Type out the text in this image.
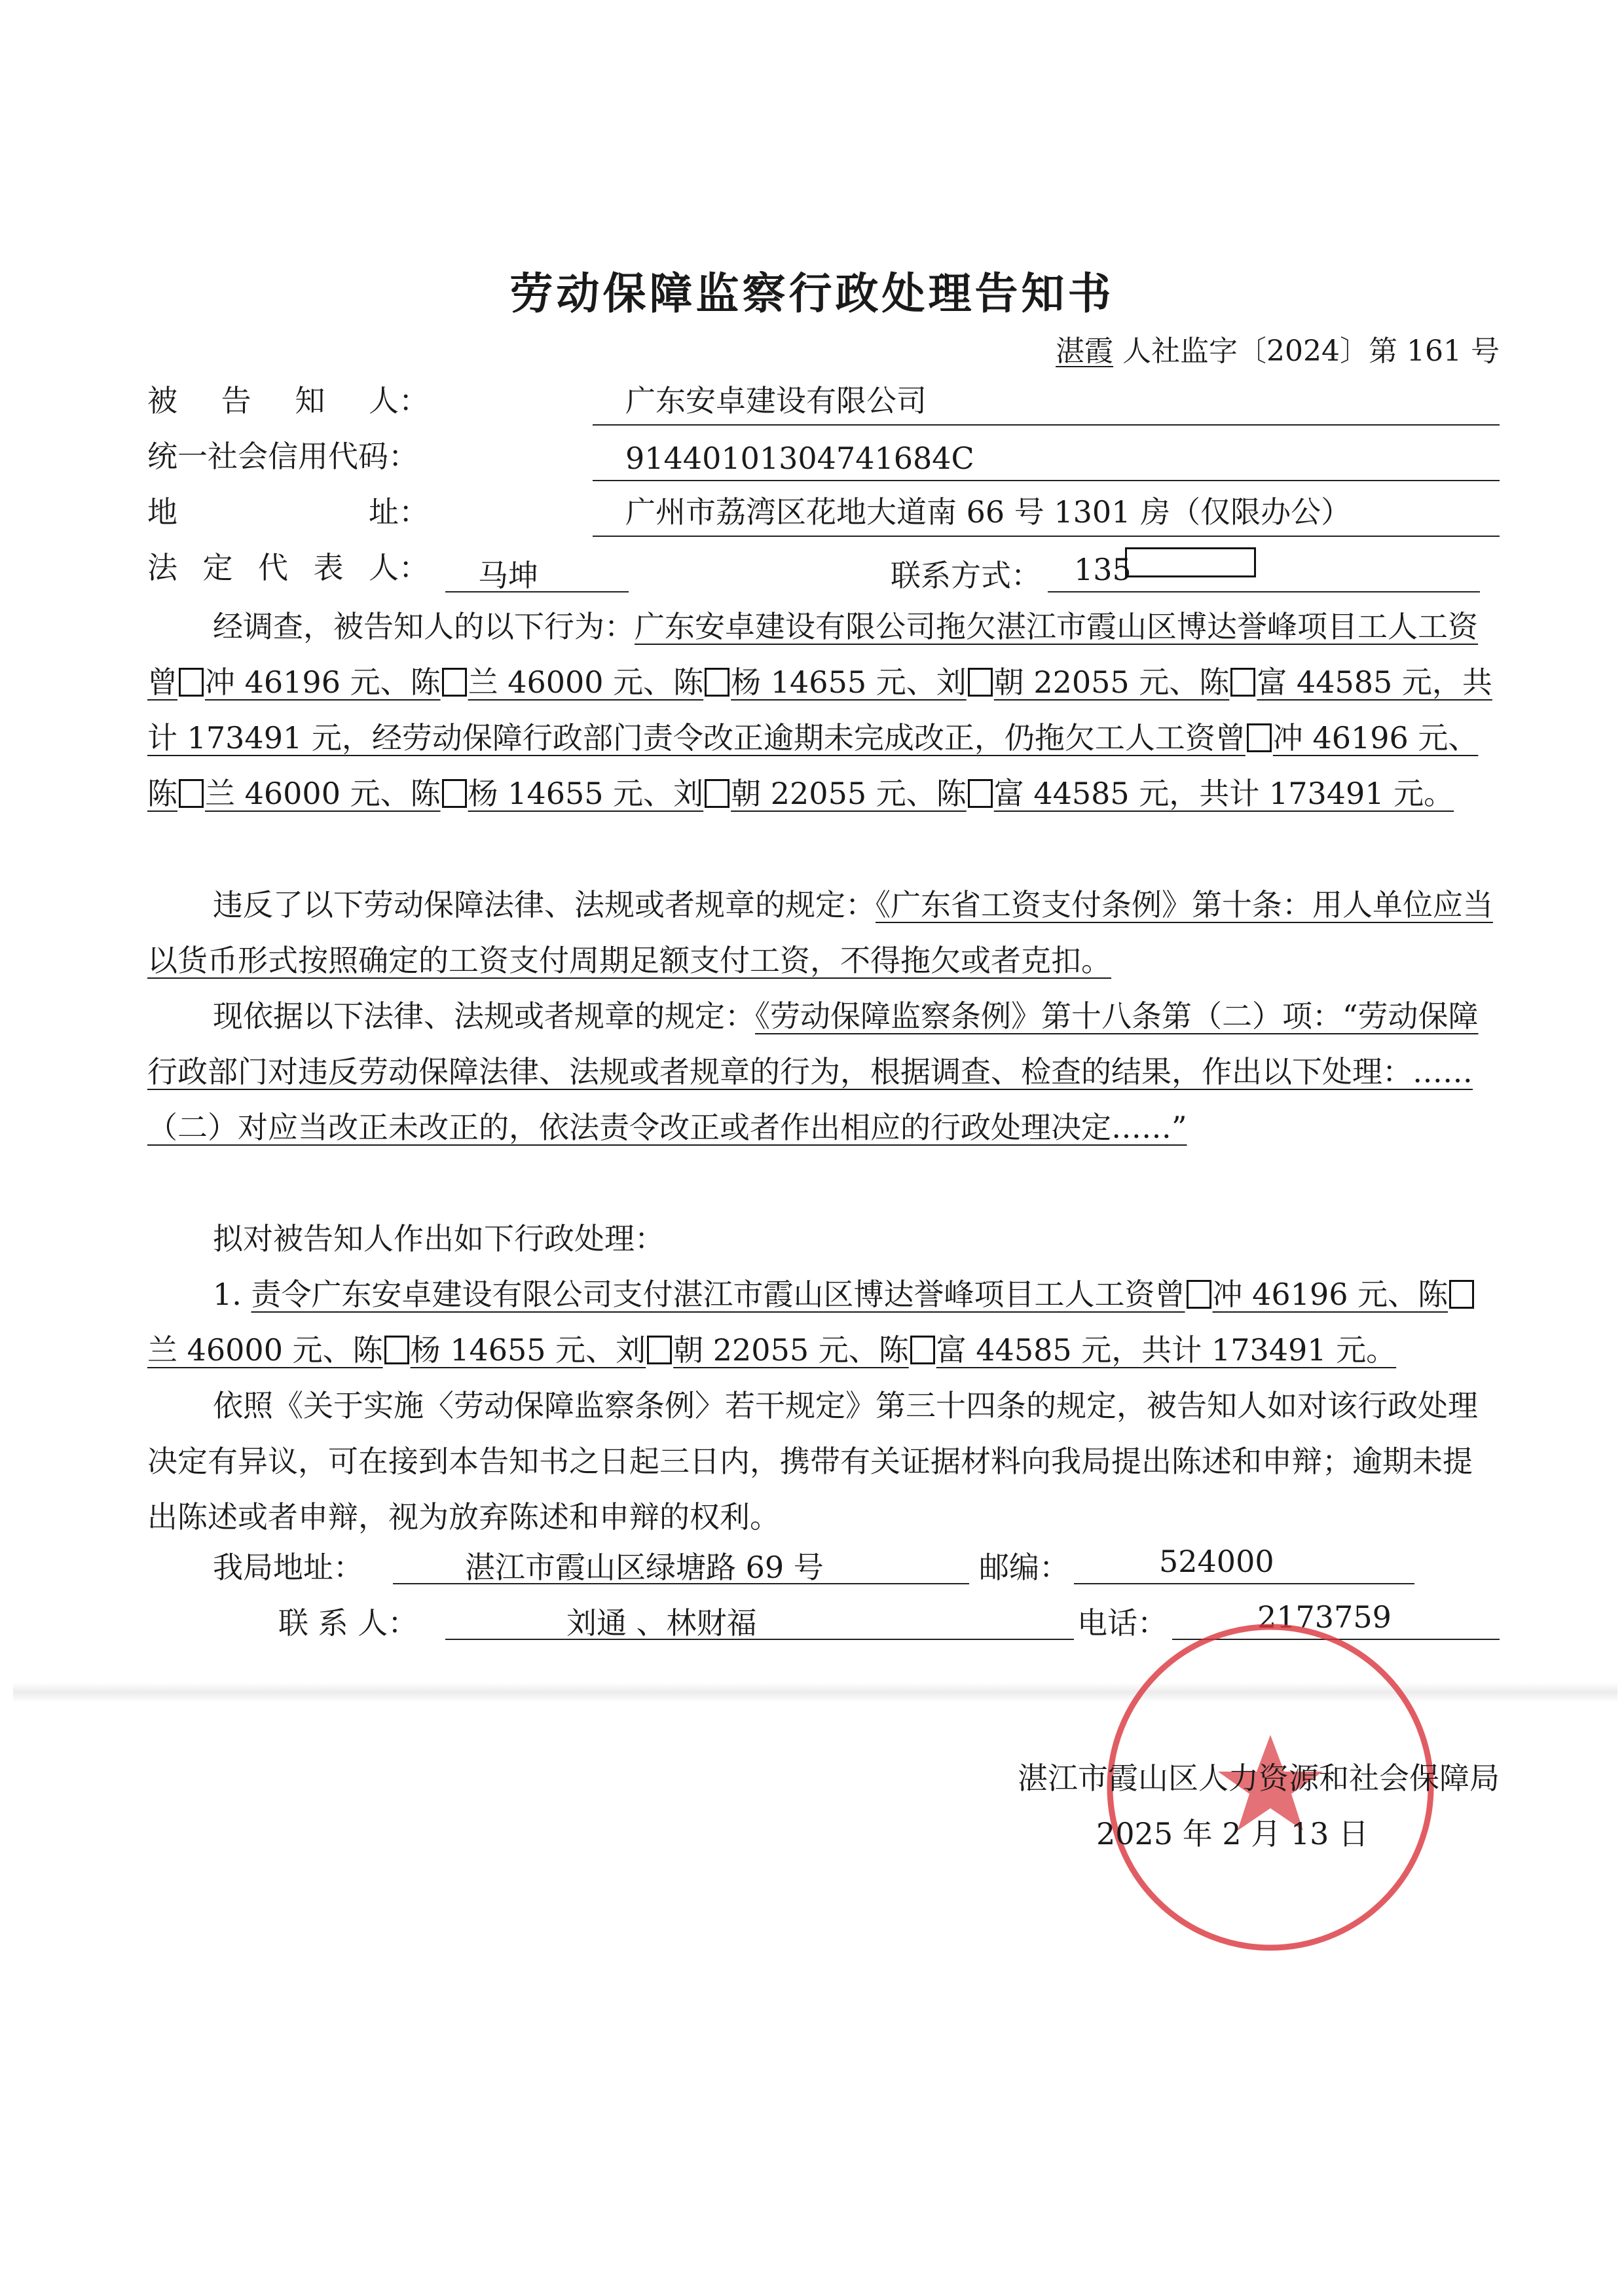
劳动保障监察行政处理告知书
湛霞 人社监字〔2024〕第 161 号
被 告 知 人：	广东安卓建设有限公司
统一社会信用代码：	91440101304741684C
地	址：	广州市荔湾区花地大道南 66 号 1301 房（仅限办公）
法 定 代 表 人： 马坤	联系方式： 135
经调查，被告知人的以下行为：广东安卓建设有限公司拖欠湛江市霞山区博达誉峰项目工人工资曾 冲 46196 元、陈 兰 46000 元、陈 杨 14655 元、刘 朝 22055 元、陈 富 44585 元，共计 173491 元，经劳动保障行政部门责令改正逾期未完成改正，仍拖欠工人工资曾 冲 46196 元、陈 兰 46000 元、陈 杨 14655 元、刘 朝 22055 元、陈 富 44585 元，共计 173491 元。
违反了以下劳动保障法律、法规或者规章的规定：《广东省工资支付条例》第十条：用人单位应当以货币形式按照确定的工资支付周期足额支付工资，不得拖欠或者克扣。
现依据以下法律、法规或者规章的规定：《劳动保障监察条例》第十八条第（二）项：“劳动保障行政部门对违反劳动保障法律、法规或者规章的行为，根据调查、检查的结果，作出以下处理：……（二）对应当改正未改正的，依法责令改正或者作出相应的行政处理决定……”
拟对被告知人作出如下行政处理：
1. 责令广东安卓建设有限公司支付湛江市霞山区博达誉峰项目工人工资曾 冲 46196 元、陈兰 46000 元、陈 杨 14655 元、刘 朝 22055 元、陈 富 44585 元，共计 173491 元。
依照《关于实施〈劳动保障监察条例〉若干规定》第三十四条的规定，被告知人如对该行政处理决定有异议，可在接到本告知书之日起三日内，携带有关证据材料向我局提出陈述和申辩；逾期未提出陈述或者申辩，视为放弃陈述和申辩的权利。
我局地址：	湛江市霞山区绿塘路 69 号	邮编：	524000
联 系 人：	刘通 、林财福	电话：	2173759
湛江市霞山区人力资源和社会保障局
2025 年 2 月 13 日
